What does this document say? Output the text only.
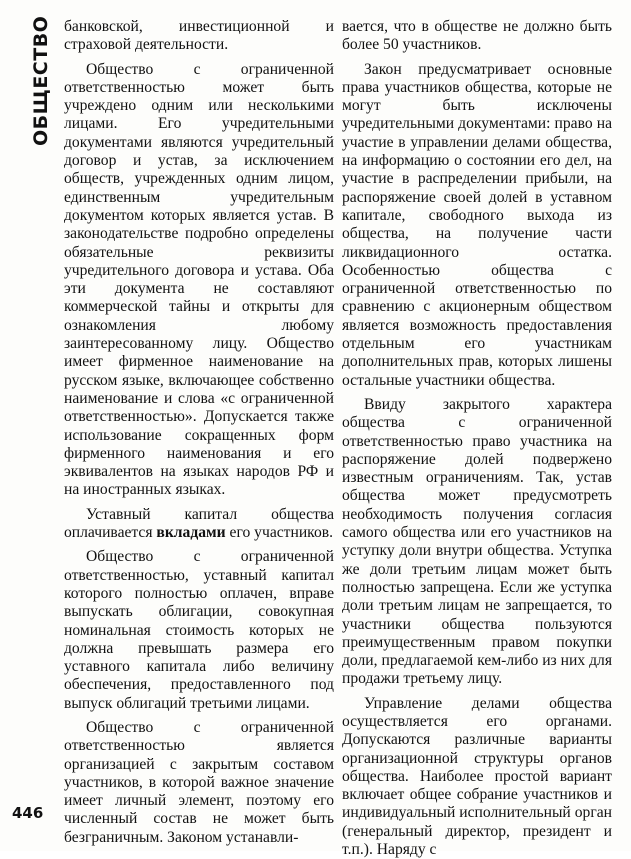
ОБЩЕСТВО банковской, инвестиционной и страховой деятельности.

Общество с ограниченной ответственностью может быть учреждено одним или несколькими лицами. Его учредительными документами являются учредительный договор и устав, за исключением обществ, учрежденных одним лицом, единственным учредительным документом которых является устав. В законодательстве подробно определены обязательные реквизиты учредительного договора и устава. Оба эти документа не составляют коммерческой тайны и открыты для ознакомления любому заинтересованному лицу. Общество имеет фирменное наименование на русском языке, включающее собственно наименование и слова «с ограниченной ответственностью». Допускается также использование сокращенных форм фирменного наименования и его эквивалентов на языках народов РФ и на иностранных языках.

Уставный капитал общества оплачивается вкладами его участников.

Общество с ограниченной ответственностью, уставный капитал которого полностью оплачен, вправе выпускать облигации, совокупная номинальная стоимость которых не должна превышать размера его уставного капитала либо величину обеспечения, предоставленного под выпуск облигаций третьими лицами.

Общество с ограниченной ответственностью является организацией с закрытым составом участников, в которой важное значение имеет личный элемент, поэтому его численный состав не может быть безграничным. Законом устанавли-

вается, что в обществе не должно быть более 50 участников.

Закон предусматривает основные права участников общества, которые не могут быть исключены учредительными документами: право на участие в управлении делами общества, на информацию о состоянии его дел, на участие в распределении прибыли, на распоряжение своей долей в уставном капитале, свободного выхода из общества, на получение части ликвидационного остатка. Особенностью общества с ограниченной ответственностью по сравнению с акционерным обществом является возможность предоставления отдельным его участникам дополнительных прав, которых лишены остальные участники общества.

Ввиду закрытого характера общества с ограниченной ответственностью право участника на распоряжение долей подвержено известным ограничениям. Так, устав общества может предусмотреть необходимость получения согласия самого общества или его участников на уступку доли внутри общества. Уступка же доли третьим лицам может быть полностью запрещена. Если же уступка доли третьим лицам не запрещается, то участники общества пользуются преимущественным правом покупки доли, предлагаемой кем-либо из них для продажи третьему лицу.

Управление делами общества осуществляется его органами. Допускаются различные варианты организационной структуры органов общества. Наиболее простой вариант включает общее собрание участников и индивидуальный исполнительный орган (генеральный директор, президент и т.п.). Наряду с

446
